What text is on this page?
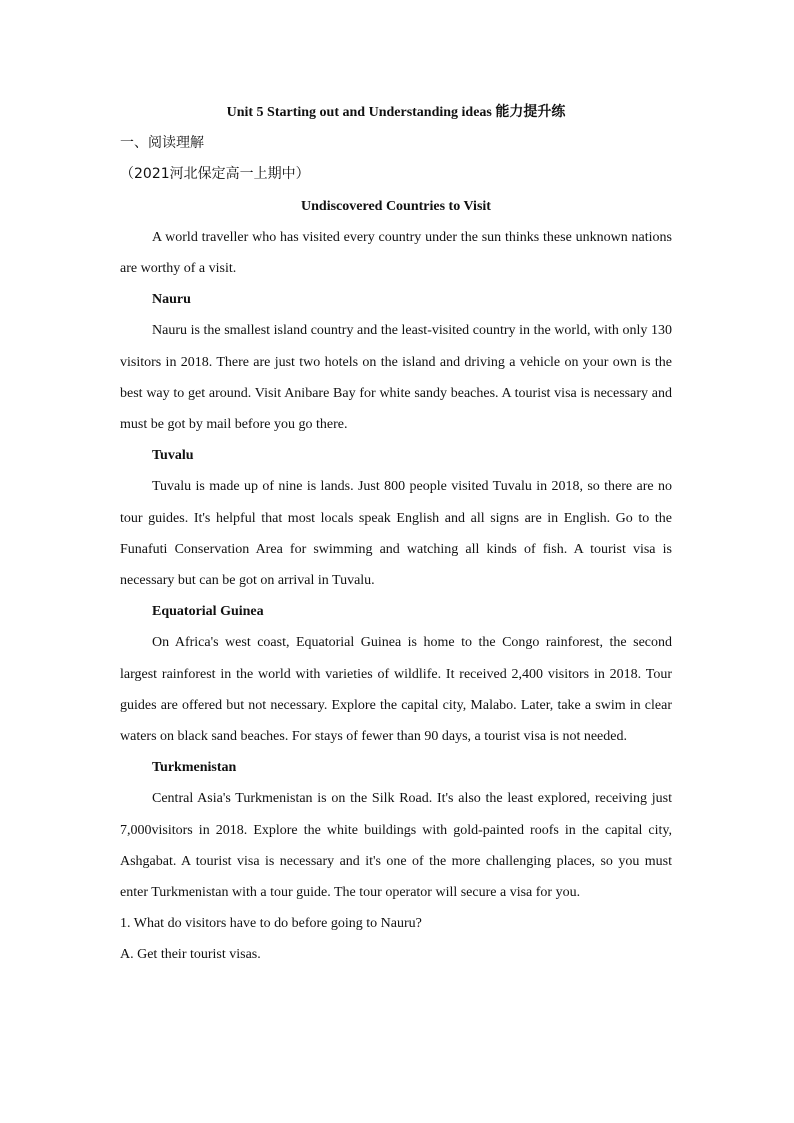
Unit 5 Starting out and Understanding ideas 能力提升练
一、阅读理解
（2021河北保定高一上期中）
Undiscovered Countries to Visit

A world traveller who has visited every country under the sun thinks these unknown nations are worthy of a visit.

Nauru

Nauru is the smallest island country and the least-visited country in the world, with only 130 visitors in 2018. There are just two hotels on the island and driving a vehicle on your own is the best way to get around. Visit Anibare Bay for white sandy beaches. A tourist visa is necessary and must be got by mail before you go there.

Tuvalu

Tuvalu is made up of nine is lands. Just 800 people visited Tuvalu in 2018, so there are no tour guides. It's helpful that most locals speak English and all signs are in English. Go to the Funafuti Conservation Area for swimming and watching all kinds of fish. A tourist visa is necessary but can be got on arrival in Tuvalu.

Equatorial Guinea

On Africa's west coast, Equatorial Guinea is home to the Congo rainforest, the second largest rainforest in the world with varieties of wildlife. It received 2,400 visitors in 2018. Tour guides are offered but not necessary. Explore the capital city, Malabo. Later, take a swim in clear waters on black sand beaches. For stays of fewer than 90 days, a tourist visa is not needed.

Turkmenistan

Central Asia's Turkmenistan is on the Silk Road. It's also the least explored, receiving just 7,000visitors in 2018. Explore the white buildings with gold-painted roofs in the capital city, Ashgabat. A tourist visa is necessary and it's one of the more challenging places, so you must enter Turkmenistan with a tour guide. The tour operator will secure a visa for you.

1. What do visitors have to do before going to Nauru?
A. Get their tourist visas.
